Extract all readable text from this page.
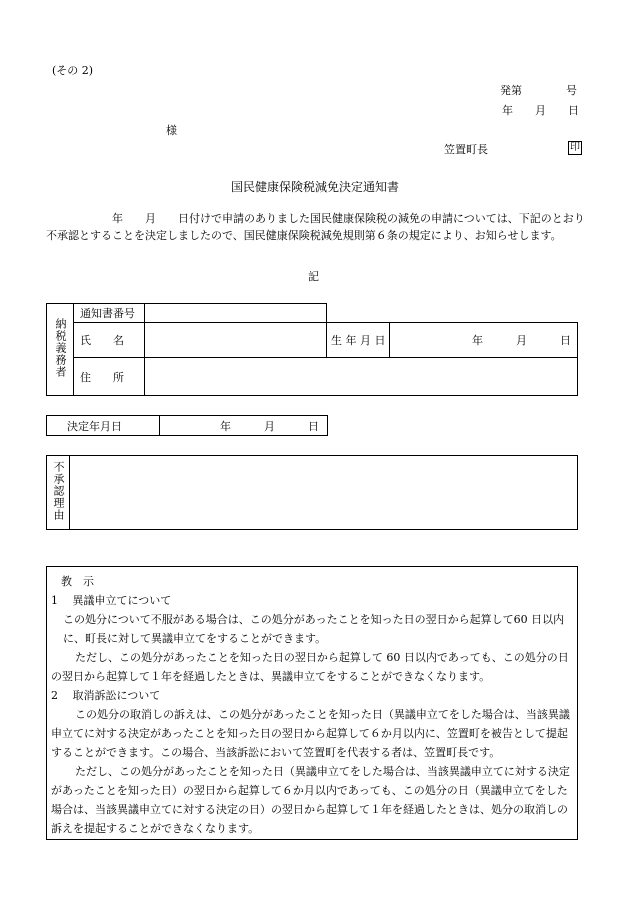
(その 2)
発第　　　　号
年　　月　　日
様
笠置町長	印
国民健康保険税減免決定通知書
　　　　　　年　　月　　日付けで申請のありました国民健康保険税の減免の申請については、下記のとおり不承認とすることを決定しましたので、国民健康保険税減免規則第６条の規定により、お知らせします。
記
納税義務者	通知書番号			
	氏　　名		生 年 月 日	年　　　月　　　日
	住　　所			
決定年月日	年　　　月　　　日
不承認理由	

教　示

1　 異議申立てについて

この処分について不服がある場合は、この処分があったことを知った日の翌日から起算して60 日以内に、町長に対して異議申立てをすることができます。

ただし、この処分があったことを知った日の翌日から起算して 60 日以内であっても、この処分の日の翌日から起算して１年を経過したときは、異議申立てをすることができなくなります。

2　 取消訴訟について

この処分の取消しの訴えは、この処分があったことを知った日（異議申立てをした場合は、当該異議申立てに対する決定があったことを知った日の翌日から起算して６か月以内に、笠置町を被告として提起することができます。この場合、当該訴訟において笠置町を代表する者は、笠置町長です。

ただし、この処分があったことを知った日（異議申立てをした場合は、当該異議申立てに対する決定があったことを知った日）の翌日から起算して６か月以内であっても、この処分の日（異議申立てをした場合は、当該異議申立てに対する決定の日）の翌日から起算して１年を経過したときは、処分の取消しの訴えを提起することができなくなります。
